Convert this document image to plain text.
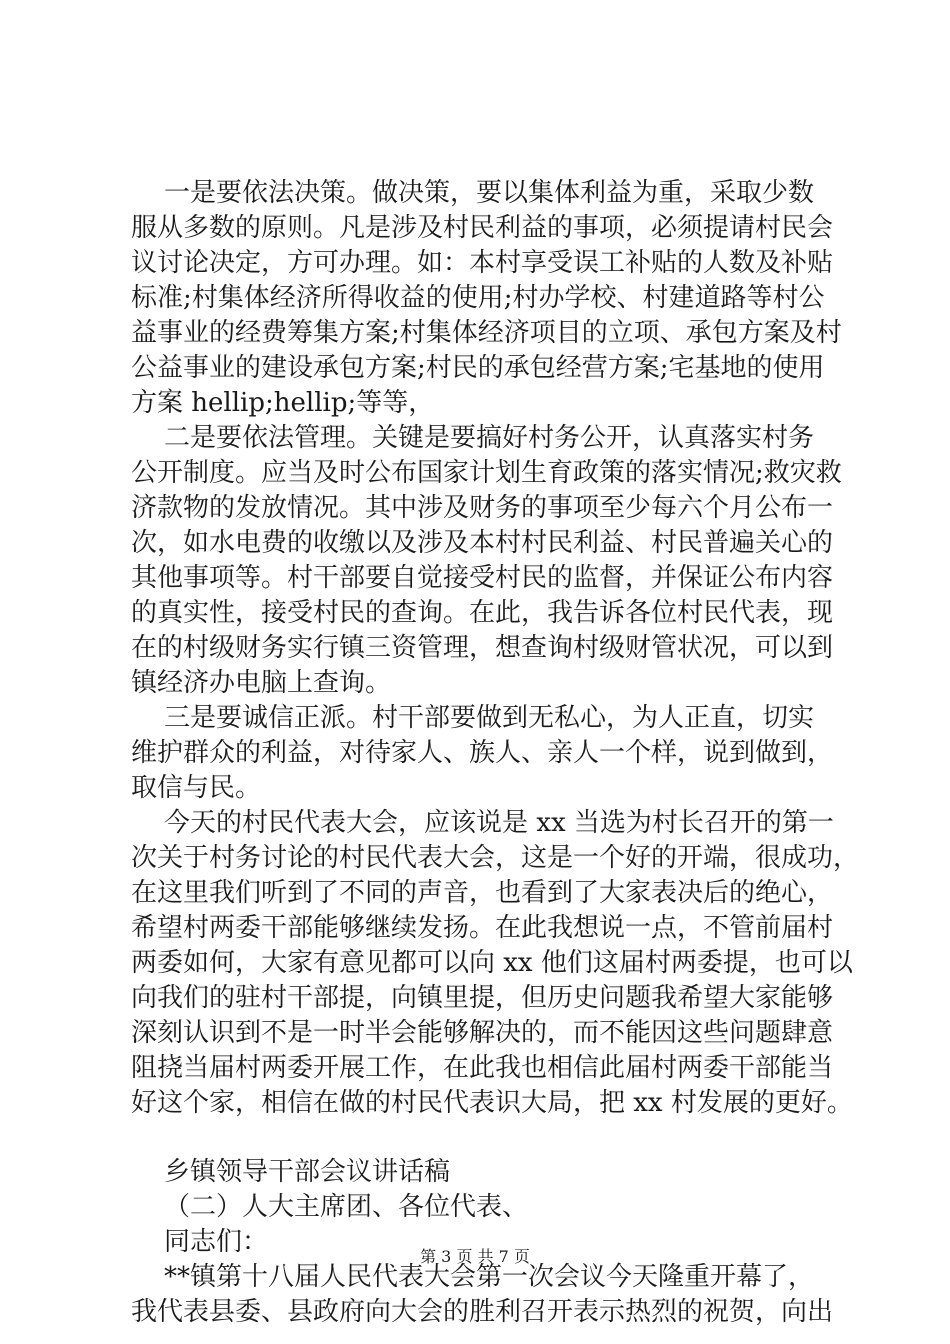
一是要依法决策。做决策，要以集体利益为重，采取少数
服从多数的原则。凡是涉及村民利益的事项，必须提请村民会
议讨论决定，方可办理。如：本村享受误工补贴的人数及补贴
标准;村集体经济所得收益的使用;村办学校、村建道路等村公
益事业的经费筹集方案;村集体经济项目的立项、承包方案及村
公益事业的建设承包方案;村民的承包经营方案;宅基地的使用
方案 hellip;hellip;等等，
二是要依法管理。关键是要搞好村务公开，认真落实村务
公开制度。应当及时公布国家计划生育政策的落实情况;救灾救
济款物的发放情况。其中涉及财务的事项至少每六个月公布一
次，如水电费的收缴以及涉及本村村民利益、村民普遍关心的
其他事项等。村干部要自觉接受村民的监督，并保证公布内容
的真实性，接受村民的查询。在此，我告诉各位村民代表，现
在的村级财务实行镇三资管理，想查询村级财管状况，可以到
镇经济办电脑上查询。
三是要诚信正派。村干部要做到无私心，为人正直，切实
维护群众的利益，对待家人、族人、亲人一个样，说到做到，
取信与民。
今天的村民代表大会，应该说是 xx 当选为村长召开的第一
次关于村务讨论的村民代表大会，这是一个好的开端，很成功，
在这里我们听到了不同的声音，也看到了大家表决后的绝心，
希望村两委干部能够继续发扬。在此我想说一点，不管前届村
两委如何，大家有意见都可以向 xx 他们这届村两委提，也可以
向我们的驻村干部提，向镇里提，但历史问题我希望大家能够
深刻认识到不是一时半会能够解决的，而不能因这些问题肆意
阻挠当届村两委开展工作，在此我也相信此届村两委干部能当
好这个家，相信在做的村民代表识大局，把 xx 村发展的更好。
乡镇领导干部会议讲话稿
（二）人大主席团、各位代表、
同志们：
**镇第十八届人民代表大会第一次会议今天隆重开幕了，
我代表县委、县政府向大会的胜利召开表示热烈的祝贺，向出
第 3 页 共 7 页
